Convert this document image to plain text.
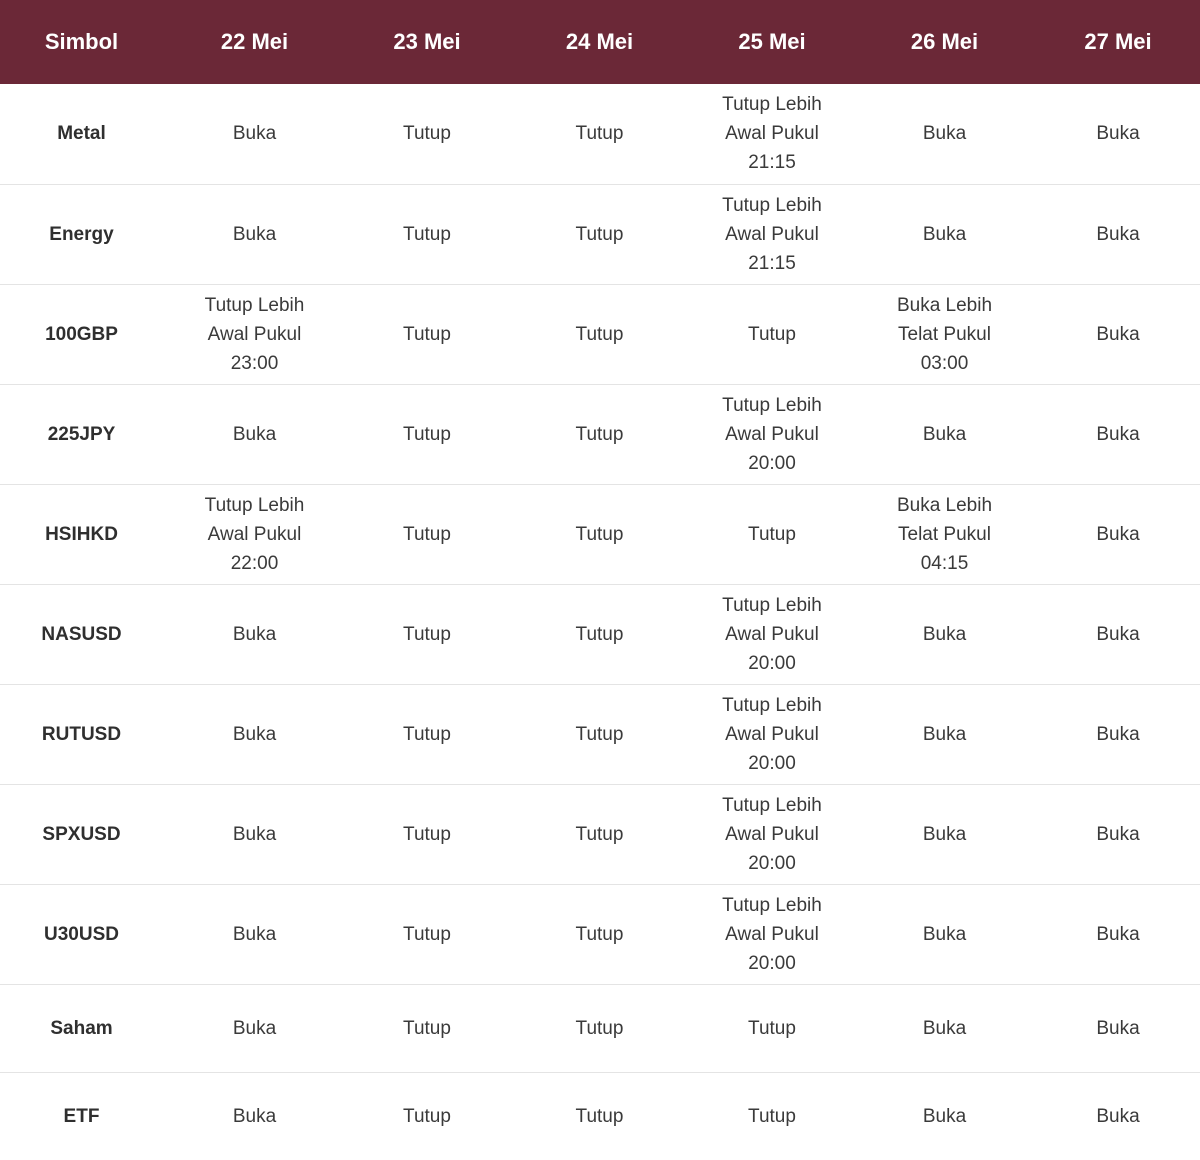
Simbol	22 Mei	23 Mei	24 Mei	25 Mei	26 Mei	27 Mei
Metal	Buka	Tutup	Tutup	Tutup Lebih Awal Pukul 21:15	Buka	Buka
Energy	Buka	Tutup	Tutup	Tutup Lebih Awal Pukul 21:15	Buka	Buka
100GBP	Tutup Lebih Awal Pukul 23:00	Tutup	Tutup	Tutup	Buka Lebih Telat Pukul 03:00	Buka
225JPY	Buka	Tutup	Tutup	Tutup Lebih Awal Pukul 20:00	Buka	Buka
HSIHKD	Tutup Lebih Awal Pukul 22:00	Tutup	Tutup	Tutup	Buka Lebih Telat Pukul 04:15	Buka
NASUSD	Buka	Tutup	Tutup	Tutup Lebih Awal Pukul 20:00	Buka	Buka
RUTUSD	Buka	Tutup	Tutup	Tutup Lebih Awal Pukul 20:00	Buka	Buka
SPXUSD	Buka	Tutup	Tutup	Tutup Lebih Awal Pukul 20:00	Buka	Buka
U30USD	Buka	Tutup	Tutup	Tutup Lebih Awal Pukul 20:00	Buka	Buka
Saham	Buka	Tutup	Tutup	Tutup	Buka	Buka
ETF	Buka	Tutup	Tutup	Tutup	Buka	Buka
